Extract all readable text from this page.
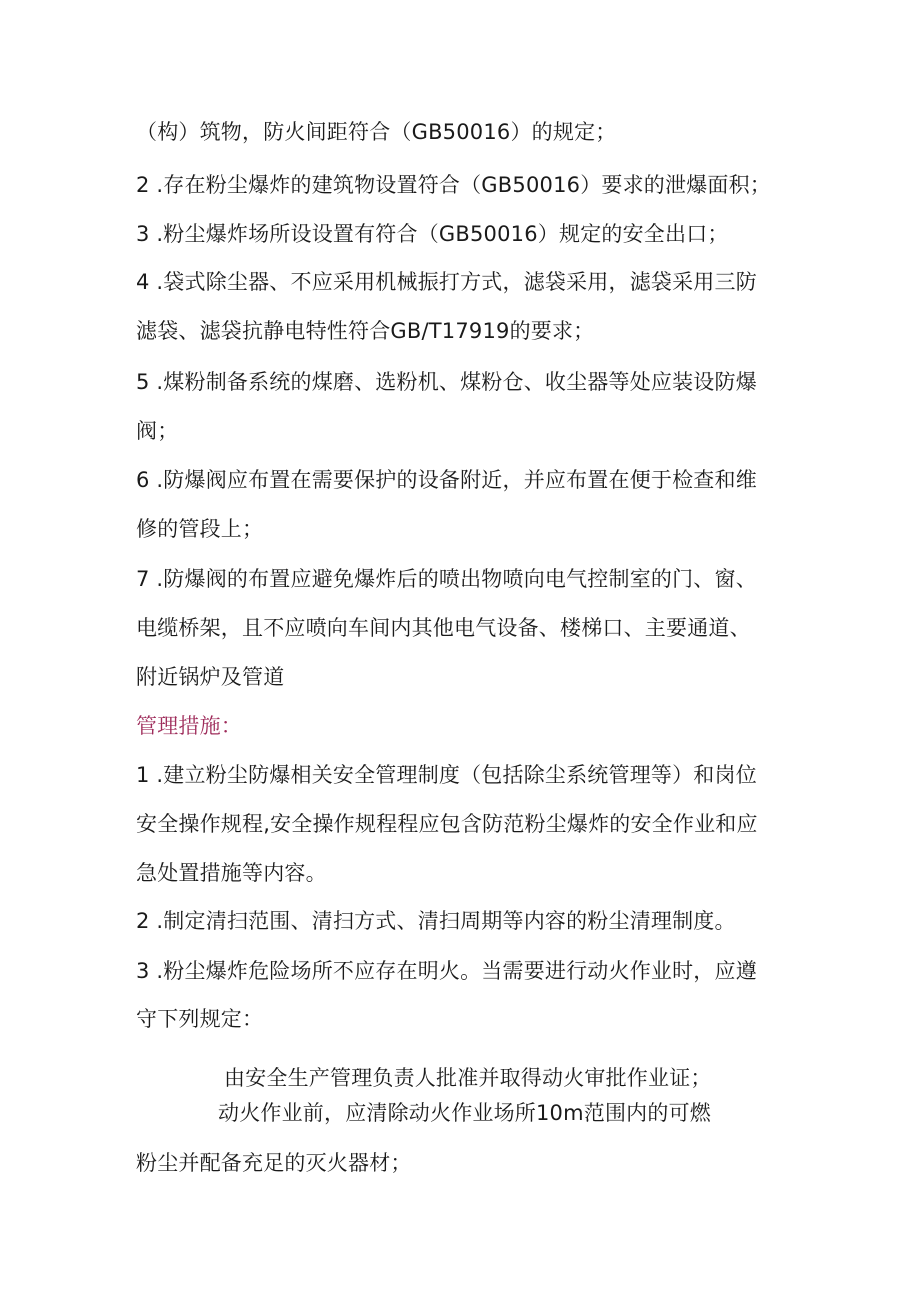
（构）筑物，防火间距符合（GB50016）的规定；
2 .存在粉尘爆炸的建筑物设置符合（GB50016）要求的泄爆面积；
3 .粉尘爆炸场所设设置有符合（GB50016）规定的安全出口；
4 .袋式除尘器、不应采用机械振打方式，滤袋采用，滤袋采用三防
滤袋、滤袋抗静电特性符合GB/T17919的要求；
5 .煤粉制备系统的煤磨、选粉机、煤粉仓、收尘器等处应装设防爆
阀；
6 .防爆阀应布置在需要保护的设备附近，并应布置在便于检查和维
修的管段上；
7 .防爆阀的布置应避免爆炸后的喷出物喷向电气控制室的门、窗、
电缆桥架，且不应喷向车间内其他电气设备、楼梯口、主要通道、
附近锅炉及管道
管理措施：
1 .建立粉尘防爆相关安全管理制度（包括除尘系统管理等）和岗位
安全操作规程,安全操作规程程应包含防范粉尘爆炸的安全作业和应
急处置措施等内容。
2 .制定清扫范围、清扫方式、清扫周期等内容的粉尘清理制度。
3 .粉尘爆炸危险场所不应存在明火。当需要进行动火作业时，应遵
守下列规定：
由安全生产管理负责人批准并取得动火审批作业证；
动火作业前，应清除动火作业场所10m范围内的可燃
粉尘并配备充足的灭火器材；
